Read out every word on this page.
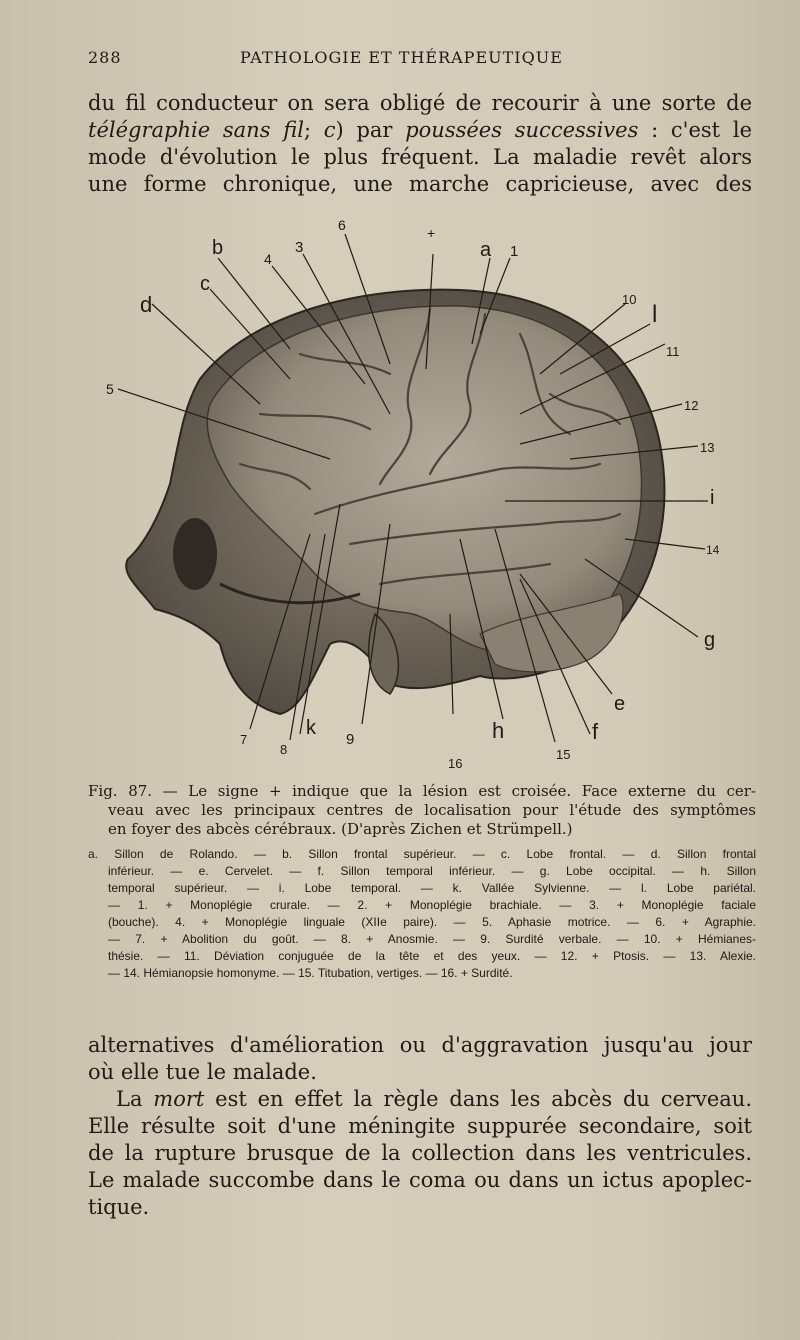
288	PATHOLOGIE ET THÉRAPEUTIQUE
du fil conducteur on sera obligé de recourir à une sorte de
télégraphie sans fil; c) par poussées successives : c'est le
mode d'évolution le plus fréquent. La maladie revêt alors
une forme chronique, une marche capricieuse, avec des
b	4
3
6	+
a 1
c
d
5
10
l
11
12
13
i
14
g
e
f
h
15
16
9
k
8
7
Fig. 87. — Le signe + indique que la lésion est croisée. Face externe du cer-
veau avec les principaux centres de localisation pour l'étude des symptômes
en foyer des abcès cérébraux. (D'après Zichen et Strümpell.)
a. Sillon de Rolando. — b. Sillon frontal supérieur. — c. Lobe frontal. — d. Sillon frontal
inférieur. — e. Cervelet. — f. Sillon temporal inférieur. — g. Lobe occipital. — h. Sillon
temporal supérieur. — i. Lobe temporal. — k. Vallée Sylvienne. — l. Lobe pariétal.
— 1. + Monoplégie crurale. — 2. + Monoplégie brachiale. — 3. + Monoplégie faciale
(bouche). 4. + Monoplégie linguale (XIIe paire). — 5. Aphasie motrice. — 6. + Agraphie.
— 7. + Abolition du goût. — 8. + Anosmie. — 9. Surdité verbale. — 10. + Hémianes-
thésie. — 11. Déviation conjuguée de la tête et des yeux. — 12. + Ptosis. — 13. Alexie.
— 14. Hémianopsie homonyme. — 15. Titubation, vertiges. — 16. + Surdité.
alternatives d'amélioration ou d'aggravation jusqu'au jour
où elle tue le malade.
La mort est en effet la règle dans les abcès du cerveau.
Elle résulte soit d'une méningite suppurée secondaire, soit
de la rupture brusque de la collection dans les ventricules.
Le malade succombe dans le coma ou dans un ictus apoplec-
tique.
